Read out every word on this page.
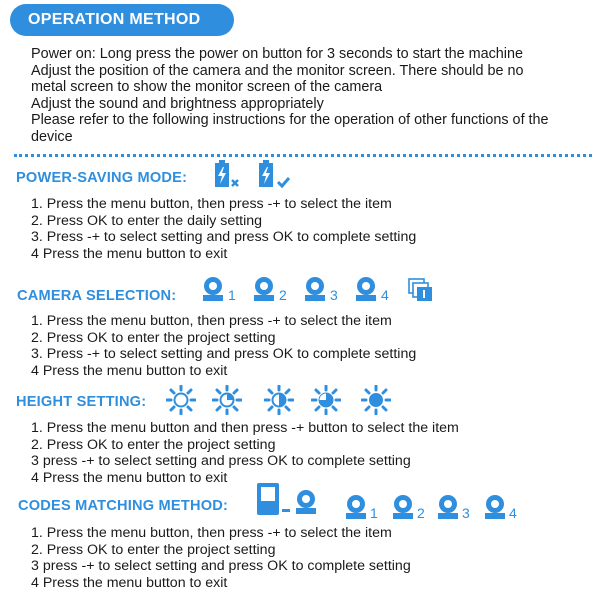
OPERATION METHOD

Power on: Long press the power on button for 3 seconds to start the machine

Adjust the position of the camera and the monitor screen. There should be no

metal screen to show the monitor screen of the camera

Adjust the sound and brightness appropriately

Please refer to the following instructions for the operation of other functions of the

device

POWER-SAVING MODE:
1. Press the menu button, then press -+ to select the item
2. Press OK to enter the daily setting
3. Press -+ to select setting and press OK to complete setting
4 Press the menu button to exit
CAMERA SELECTION:	1	2	3	4
1. Press the menu button, then press -+ to select the item
2. Press OK to enter the project setting
3. Press -+ to select setting and press OK to complete setting
4 Press the menu button to exit
HEIGHT SETTING:
1. Press the menu button and then press -+ button to select the item
2. Press OK to enter the project setting
3 press -+ to select setting and press OK to complete setting
4 Press the menu button to exit
CODES MATCHING METHOD:	1	2	3	4
1. Press the menu button, then press -+ to select the item
2. Press OK to enter the project setting
3 press -+ to select setting and press OK to complete setting
4 Press the menu button to exit
